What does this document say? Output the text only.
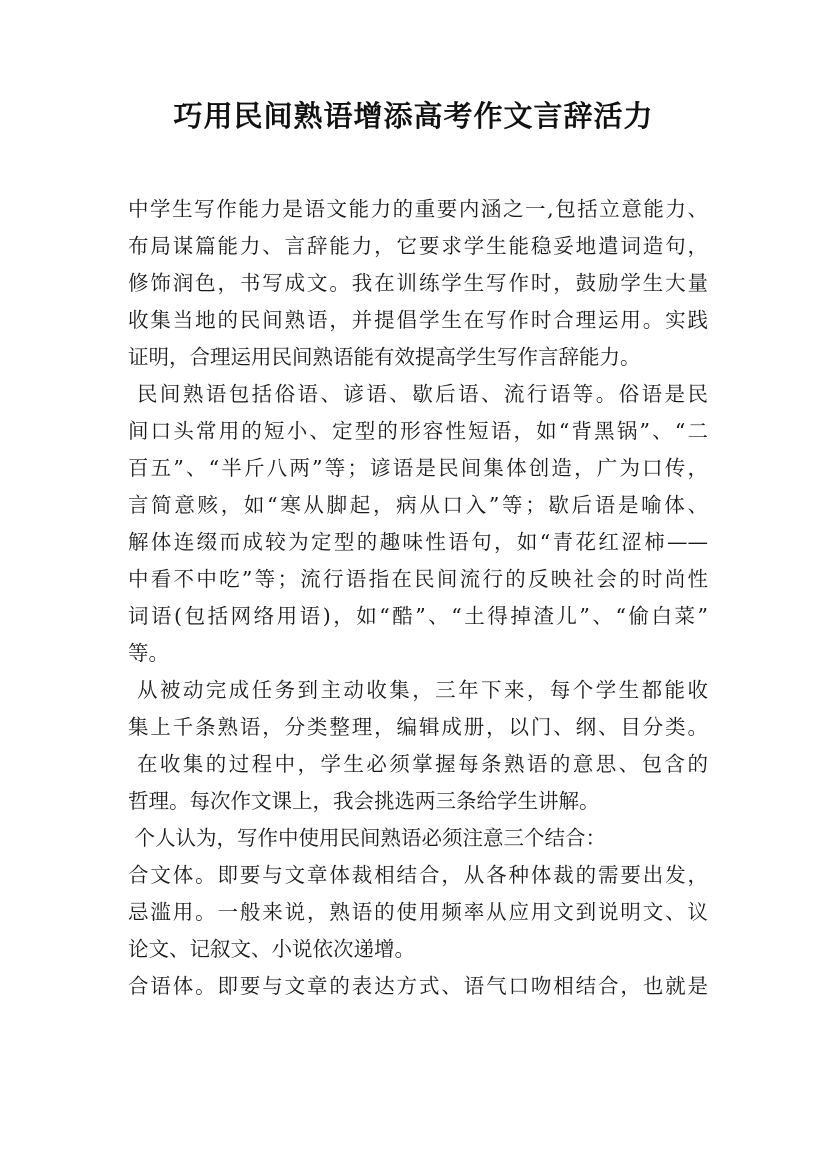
巧用民间熟语增添高考作文言辞活力

中学生写作能力是语文能力的重要内涵之一,包括立意能力、

布局谋篇能力、言辞能力，它要求学生能稳妥地遣词造句，

修饰润色，书写成文。我在训练学生写作时，鼓励学生大量

收集当地的民间熟语，并提倡学生在写作时合理运用。实践

证明，合理运用民间熟语能有效提高学生写作言辞能力。

民间熟语包括俗语、谚语、歇后语、流行语等。俗语是民

间口头常用的短小、定型的形容性短语，如“背黑锅”、“二

百五”、“半斤八两”等；谚语是民间集体创造，广为口传，

言简意赅，如“寒从脚起，病从口入”等；歇后语是喻体、

解体连缀而成较为定型的趣味性语句，如“青花红涩柿——

中看不中吃”等；流行语指在民间流行的反映社会的时尚性

词语(包括网络用语)，如“酷”、“土得掉渣儿”、“偷白菜”

等。

从被动完成任务到主动收集，三年下来，每个学生都能收

集上千条熟语，分类整理，编辑成册，以门、纲、目分类。

在收集的过程中，学生必须掌握每条熟语的意思、包含的

哲理。每次作文课上，我会挑选两三条给学生讲解。

个人认为，写作中使用民间熟语必须注意三个结合：

合文体。即要与文章体裁相结合，从各种体裁的需要出发，

忌滥用。一般来说，熟语的使用频率从应用文到说明文、议

论文、记叙文、小说依次递增。

合语体。即要与文章的表达方式、语气口吻相结合，也就是
